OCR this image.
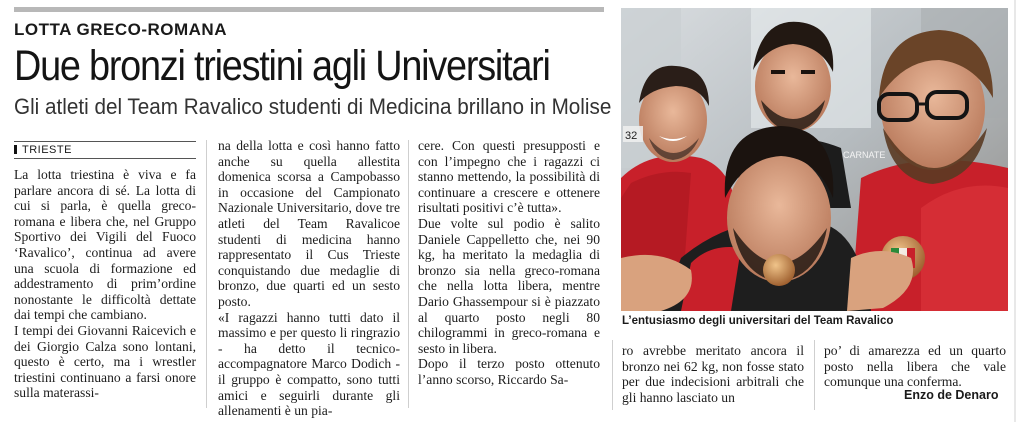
LOTTA GRECO-ROMANA
Due bronzi triestini agli Universitari
Gli atleti del Team Ravalico studenti di Medicina brillano in Molise
TRIESTE
La lotta triestina è viva e fa parlare ancora di sé. La lotta di cui si parla, è quella greco-romana e libera che, nel Gruppo Sportivo dei Vigili del Fuoco ‘Ravalico’, continua ad avere una scuola di formazione ed addestramento di prim’ordine nonostante le difficoltà dettate dai tempi che cambiano.
I tempi dei Giovanni Raicevich e dei Giorgio Calza sono lontani, questo è certo, ma i wrestler triestini continuano a farsi onore sulla materassi-
na della lotta e così hanno fatto anche su quella allestita domenica scorsa a Campobasso in occasione del Campionato Nazionale Universitario, dove tre atleti del Team Ravalicoe studenti di medicina hanno rappresentato il Cus Trieste conquistando due medaglie di bronzo, due quarti ed un sesto posto.
«I ragazzi hanno tutti dato il massimo e per questo li ringrazio - ha detto il tecnico-accompagnatore Marco Dodich - il gruppo è compatto, sono tutti amici e seguirli durante gli allenamenti è un pia-
cere. Con questi presupposti e con l’impegno che i ragazzi ci stanno mettendo, la possibilità di continuare a crescere e ottenere risultati positivi c’è tutta».
Due volte sul podio è salito Daniele Cappelletto che, nei 90 kg, ha meritato la medaglia di bronzo sia nella greco-romana che nella lotta libera, mentre Dario Ghassempour si è piazzato al quarto posto negli 80 chilogrammi in greco-romana e sesto in libera.
Dopo il terzo posto ottenuto l’anno scorso, Riccardo Sa-
ro avrebbe meritato ancora il bronzo nei 62 kg, non fosse stato per due indecisioni arbitrali che gli hanno lasciato un
po’ di amarezza ed un quarto posto nella libera che vale comunque una conferma.
32
CARNATE
L’entusiasmo degli universitari del Team Ravalico
Enzo de Denaro
